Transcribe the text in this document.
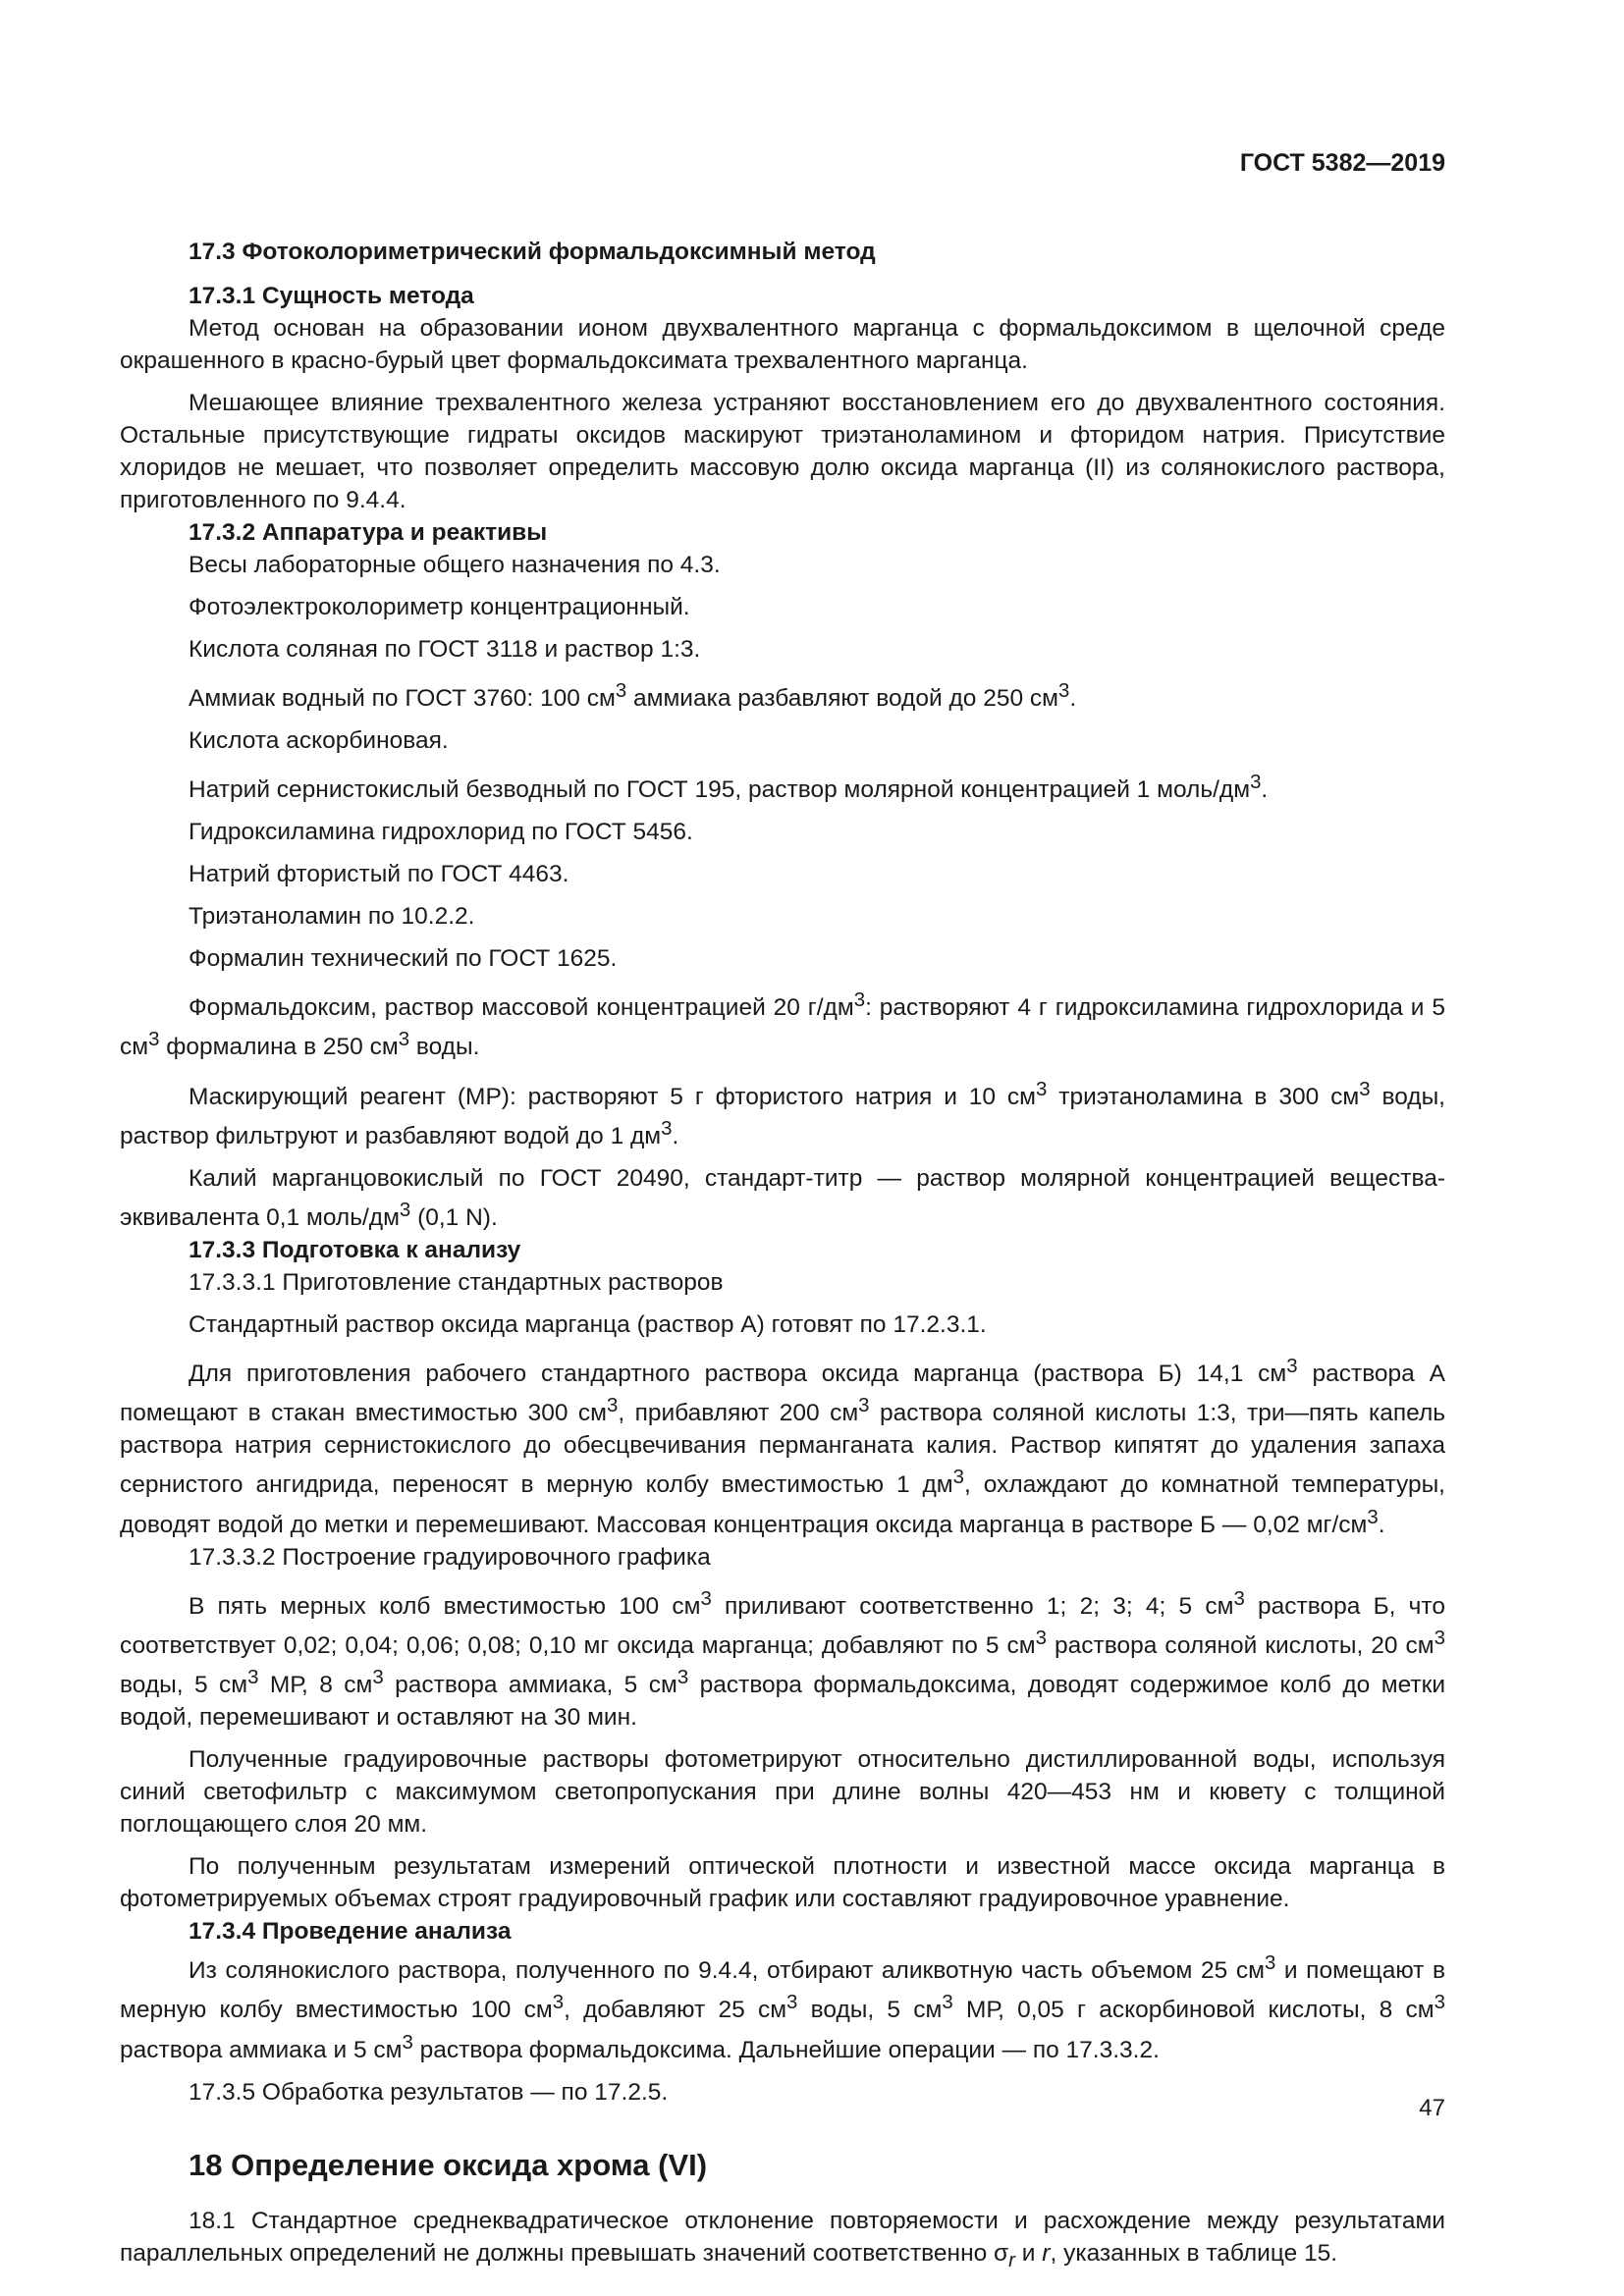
ГОСТ 5382—2019

17.3 Фотоколориметрический формальдоксимный метод

17.3.1 Сущность метода

Метод основан на образовании ионом двухвалентного марганца с формальдоксимом в щелочной среде окрашенного в красно-бурый цвет формальдоксимата трехвалентного марганца.

Мешающее влияние трехвалентного железа устраняют восстановлением его до двухвалентного состояния. Остальные присутствующие гидраты оксидов маскируют триэтаноламином и фторидом натрия. Присутствие хлоридов не мешает, что позволяет определить массовую долю оксида марганца (II) из солянокислого раствора, приготовленного по 9.4.4.

17.3.2 Аппаратура и реактивы

Весы лабораторные общего назначения по 4.3.

Фотоэлектроколориметр концентрационный.

Кислота соляная по ГОСТ 3118 и раствор 1:3.

Аммиак водный по ГОСТ 3760: 100 $см^3$ аммиака разбавляют водой до 250 $см^3$.

Кислота аскорбиновая.

Натрий сернистокислый безводный по ГОСТ 195, раствор молярной концентрацией 1 моль/$дм^3$.

Гидроксиламина гидрохлорид по ГОСТ 5456.

Натрий фтористый по ГОСТ 4463.

Триэтаноламин по 10.2.2.

Формалин технический по ГОСТ 1625.

Формальдоксим, раствор массовой концентрацией 20 $г/дм^3$: растворяют 4 г гидроксиламина гидрохлорида и 5 $см^3$ формалина в 250 $см^3$ воды.

Маскирующий реагент (МР): растворяют 5 г фтористого натрия и 10 $см^3$ триэтаноламина в 300 $см^3$ воды, раствор фильтруют и разбавляют водой до 1 $дм^3$.

Калий марганцовокислый по ГОСТ 20490, стандарт-титр — раствор молярной концентрацией вещества-эквивалента 0,1 моль/$дм^3$ (0,1 N).

17.3.3 Подготовка к анализу

17.3.3.1 Приготовление стандартных растворов

Стандартный раствор оксида марганца (раствор А) готовят по 17.2.3.1.

Для приготовления рабочего стандартного раствора оксида марганца (раствора Б) 14,1 $см^3$ раствора А помещают в стакан вместимостью 300 $см^3$, прибавляют 200 $см^3$ раствора соляной кислоты 1:3, три—пять капель раствора натрия сернистокислого до обесцвечивания перманганата калия. Раствор кипятят до удаления запаха сернистого ангидрида, переносят в мерную колбу вместимостью 1 $дм^3$, охлаждают до комнатной температуры, доводят водой до метки и перемешивают. Массовая концентрация оксида марганца в растворе Б — 0,02 $мг/см^3$.

17.3.3.2 Построение градуировочного графика

В пять мерных колб вместимостью 100 $см^3$ приливают соответственно 1; 2; 3; 4; 5 $см^3$ раствора Б, что соответствует 0,02; 0,04; 0,06; 0,08; 0,10 мг оксида марганца; добавляют по 5 $см^3$ раствора соляной кислоты, 20 $см^3$ воды, 5 $см^3$ МР, 8 $см^3$ раствора аммиака, 5 $см^3$ раствора формальдоксима, доводят содержимое колб до метки водой, перемешивают и оставляют на 30 мин.

Полученные градуировочные растворы фотометрируют относительно дистиллированной воды, используя синий светофильтр с максимумом светопропускания при длине волны 420—453 нм и кювету с толщиной поглощающего слоя 20 мм.

По полученным результатам измерений оптической плотности и известной массе оксида марганца в фотометрируемых объемах строят градуировочный график или составляют градуировочное уравнение.

17.3.4 Проведение анализа

Из солянокислого раствора, полученного по 9.4.4, отбирают аликвотную часть объемом 25 $см^3$ и помещают в мерную колбу вместимостью 100 $см^3$, добавляют 25 $см^3$ воды, 5 $см^3$ МР, 0,05 г аскорбиновой кислоты, 8 $см^3$ раствора аммиака и 5 $см^3$ раствора формальдоксима. Дальнейшие операции — по 17.3.3.2.

17.3.5 Обработка результатов — по 17.2.5.

18 Определение оксида хрома (VI)

18.1 Стандартное среднеквадратическое отклонение повторяемости и расхождение между результатами параллельных определений не должны превышать значений соответственно $\sigma_r$ и r, указанных в таблице 15.

47
